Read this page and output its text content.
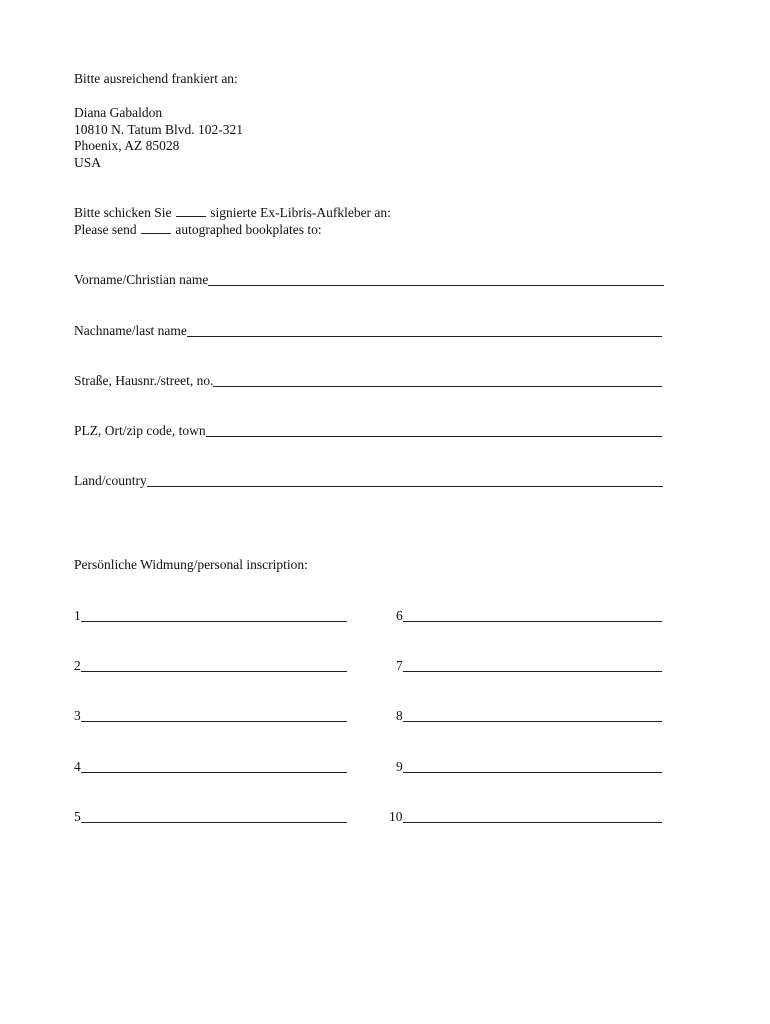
Bitte ausreichend frankiert an:
Diana Gabaldon
10810 N. Tatum Blvd. 102-321
Phoenix, AZ 85028
USA
Bitte schicken Sie	signierte Ex-Libris-Aufkleber an:
Please send	autographed bookplates to:
Vorname/Christian name
Nachname/last name
Straße, Hausnr./street, no.
PLZ, Ort/zip code, town
Land/country
Persönliche Widmung/personal inscription:
1
2
3
4
5
6
7
8
9
10
